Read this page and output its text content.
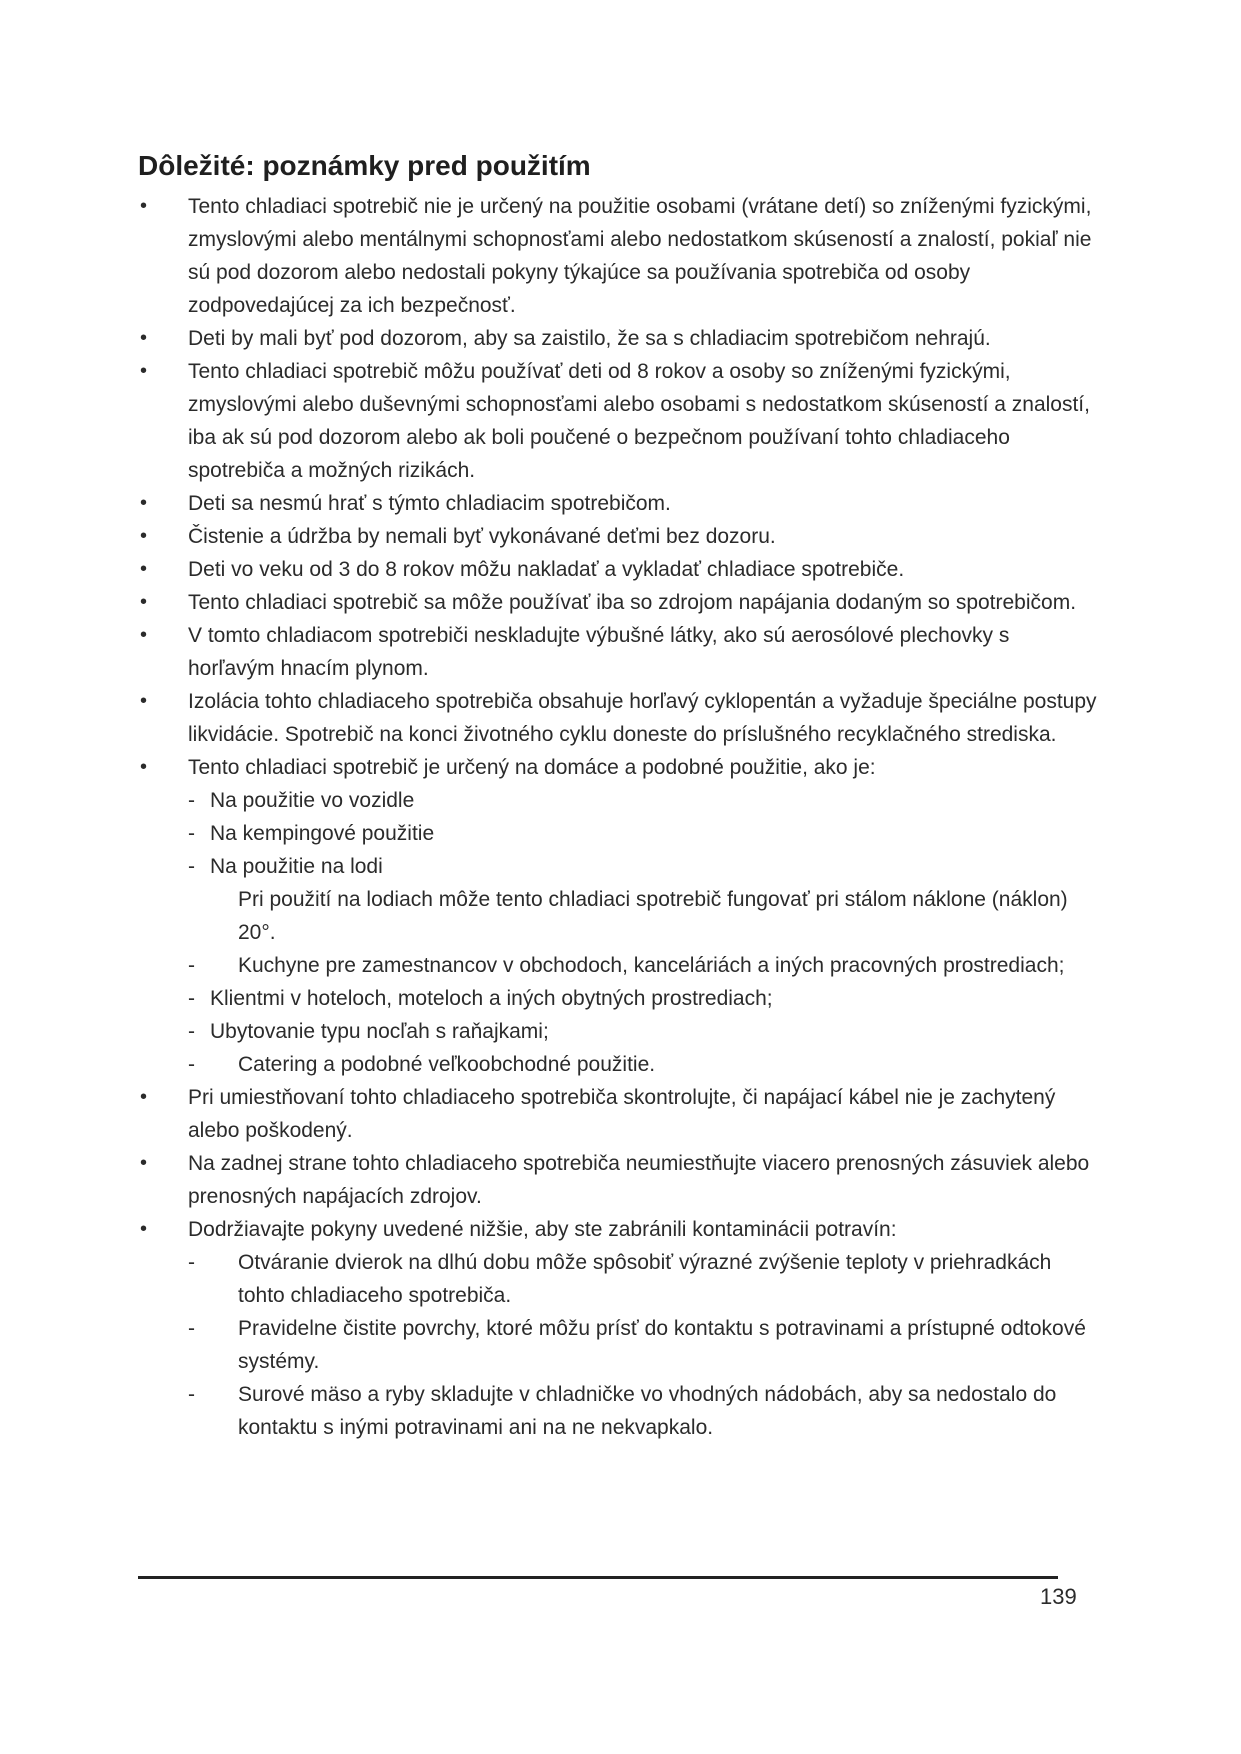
Dôležité: poznámky pred použitím
•	Tento chladiaci spotrebič nie je určený na použitie osobami (vrátane detí) so zníženými fyzickými, zmyslovými alebo mentálnymi schopnosťami alebo nedostatkom skúseností a znalostí, pokiaľ nie sú pod dozorom alebo nedostali pokyny týkajúce sa používania spotrebiča od osoby zodpovedajúcej za ich bezpečnosť.
•	Deti by mali byť pod dozorom, aby sa zaistilo, že sa s chladiacim spotrebičom nehrajú.
•	Tento chladiaci spotrebič môžu používať deti od 8 rokov a osoby so zníženými fyzickými, zmyslovými alebo duševnými schopnosťami alebo osobami s nedostatkom skúseností a znalostí, iba ak sú pod dozorom alebo ak boli poučené o bezpečnom používaní tohto chladiaceho spotrebiča a možných rizikách.
•	Deti sa nesmú hrať s týmto chladiacim spotrebičom.
•	Čistenie a údržba by nemali byť vykonávané deťmi bez dozoru.
•	Deti vo veku od 3 do 8 rokov môžu nakladať a vykladať chladiace spotrebiče.
•	Tento chladiaci spotrebič sa môže používať iba so zdrojom napájania dodaným so spotrebičom.
•	V tomto chladiacom spotrebiči neskladujte výbušné látky, ako sú aerosólové plechovky s horľavým hnacím plynom.
•	Izolácia tohto chladiaceho spotrebiča obsahuje horľavý cyklopentán a vyžaduje špeciálne postupy likvidácie. Spotrebič na konci životného cyklu doneste do príslušného recyklačného strediska.
•	Tento chladiaci spotrebič je určený na domáce a podobné použitie, ako je:
- Na použitie vo vozidle
- Na kempingové použitie
- Na použitie na lodi
Pri použití na lodiach môže tento chladiaci spotrebič fungovať pri stálom náklone (náklon) 20°.
- Kuchyne pre zamestnancov v obchodoch, kanceláriách a iných pracovných prostrediach;
- Klientmi v hoteloch, moteloch a iných obytných prostrediach;
- Ubytovanie typu nocľah s raňajkami;
- Catering a podobné veľkoobchodné použitie.
•	Pri umiestňovaní tohto chladiaceho spotrebiča skontrolujte, či napájací kábel nie je zachytený alebo poškodený.
•	Na zadnej strane tohto chladiaceho spotrebiča neumiestňujte viacero prenosných zásuviek alebo prenosných napájacích zdrojov.
•	Dodržiavajte pokyny uvedené nižšie, aby ste zabránili kontaminácii potravín:
- Otváranie dvierok na dlhú dobu môže spôsobiť výrazné zvýšenie teploty v priehradkách tohto chladiaceho spotrebiča.
- Pravidelne čistite povrchy, ktoré môžu prísť do kontaktu s potravinami a prístupné odtokové systémy.
- Surové mäso a ryby skladujte v chladničke vo vhodných nádobách, aby sa nedostalo do kontaktu s inými potravinami ani na ne nekvapkalo.
139
